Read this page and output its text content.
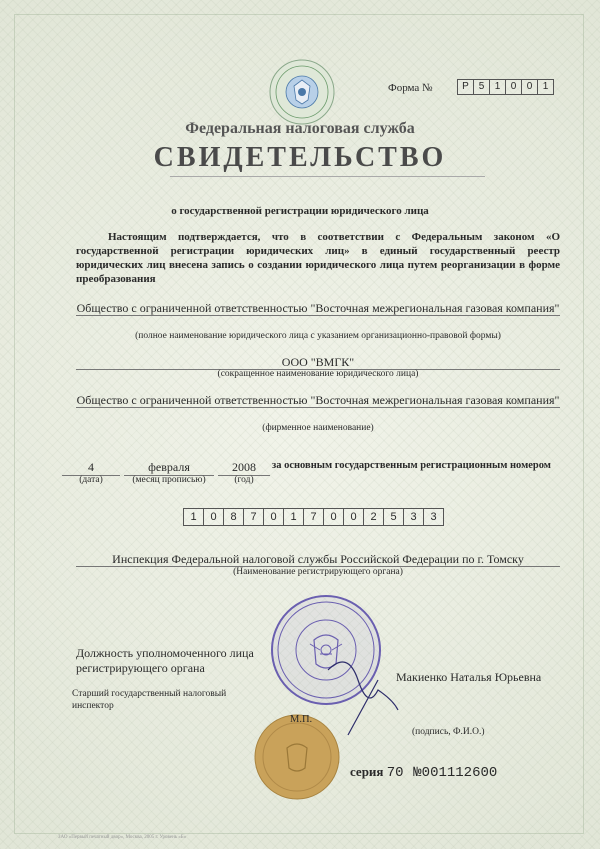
Форма №	Р 5	1	0	0	1
Федеральная налоговая служба
СВИДЕТЕЛЬСТВО
о государственной регистрации юридического лица
Настоящим подтверждается, что в соответствии с Федеральным законом «О государственной регистрации юридических лиц» в единый государственный реестр юридических лиц внесена запись о создании юридического лица путем реорганизации в форме преобразования
Общество с ограниченной ответственностью "Восточная межрегиональная газовая компания"
(полное наименование юридического лица с указанием организационно-правовой формы)
ООО "ВМГК"
(сокращенное наименование юридического лица)
Общество с ограниченной ответственностью "Восточная межрегиональная газовая компания"
(фирменное наименование)
4
(дата)
февраля
(месяц прописью)
2008
(год)
за основным государственным регистрационным номером
1	0	8	7	0	1	7	0	0	2	5	3	3
Инспекция Федеральной налоговой службы Российской Федерации по г. Томску
(Наименование регистрирующего органа)
Должность уполномоченного лица регистрирующего органа
Старший государственный налоговый инспектор
Макиенко Наталья Юрьевна
М.П.
(подпись, Ф.И.О.)
серия 70 №001112600
ЗАО «Первый печатный двор», Москва, 2005 г. Уровень «Б»
